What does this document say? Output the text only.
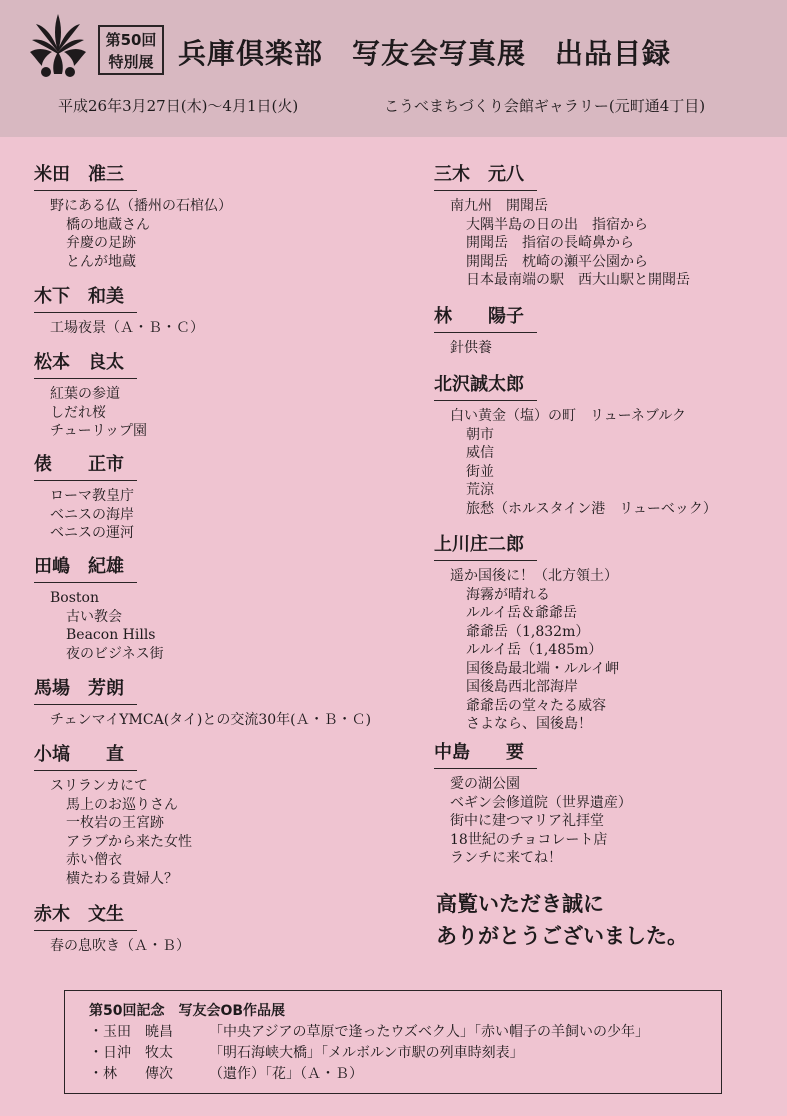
第50回
特別展 兵庫倶楽部　写友会写真展　出品目録
平成26年3月27日(木)～4月1日(火)	こうべまちづくり会館ギャラリー(元町通4丁目)
米田　准三
野にある仏（播州の石棺仏）
橋の地蔵さん
弁慶の足跡
とんが地蔵
木下　和美
工場夜景（Ａ・Ｂ・Ｃ）
松本　良太
紅葉の参道
しだれ桜
チューリップ園
俵　　正市
ローマ教皇庁
ベニスの海岸
ベニスの運河
田嶋　紀雄
Boston
古い教会
Beacon Hills
夜のビジネス街
馬場　芳朗
チェンマイYMCA(タイ)との交流30年(Ａ・Ｂ・Ｃ)
小塙　　直
スリランカにて
馬上のお巡りさん
一枚岩の王宮跡
アラブから来た女性
赤い僧衣
横たわる貴婦人？
赤木　文生
春の息吹き（Ａ・Ｂ）
三木　元八
南九州　開聞岳
大隅半島の日の出　指宿から
開聞岳　指宿の長崎鼻から
開聞岳　枕崎の瀬平公園から
日本最南端の駅　西大山駅と開聞岳
林　　陽子
針供養
北沢誠太郎
白い黄金（塩）の町　リューネブルク
朝市
威信
街並
荒涼
旅愁（ホルスタイン港　リューベック）
上川庄二郎
遥か国後に！（北方領土）
海霧が晴れる
ルルイ岳＆爺爺岳
爺爺岳（1,832m）
ルルイ岳（1,485m）
国後島最北端・ルルイ岬
国後島西北部海岸
爺爺岳の堂々たる威容
さよなら、国後島！
中島　　要
愛の湖公園
ベギン会修道院（世界遺産）
街中に建つマリア礼拝堂
18世紀のチョコレート店
ランチに来てね！
高覧いただき誠に
ありがとうございました。
第50回記念　写友会OB作品展
・玉田　暁昌	「中央アジアの草原で逢ったウズベク人」「赤い帽子の羊飼いの少年」
・日沖　牧太	「明石海峡大橋」「メルボルン市駅の列車時刻表」
・林　　傳次	（遺作）「花」（Ａ・Ｂ）
